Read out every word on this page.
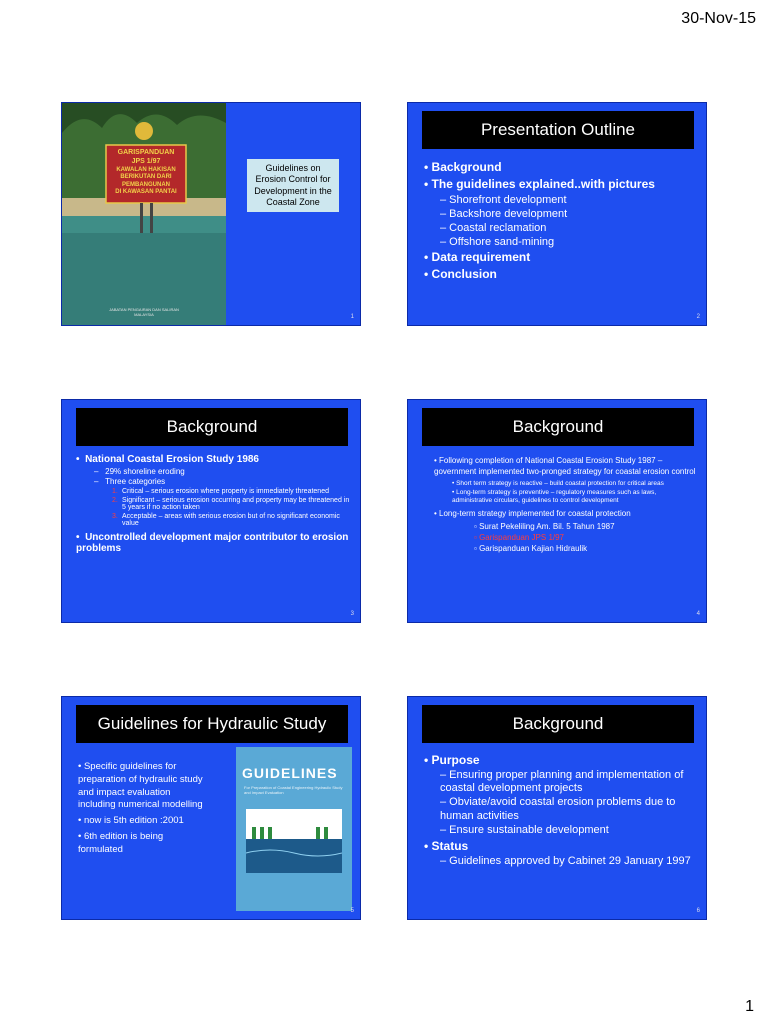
30-Nov-15
GARISPANDUAN
JPS 1/97
KAWALAN HAKISAN
BERIKUTAN DARI
PEMBANGUNAN
DI KAWASAN PANTAI
JABATAN PENGAIRAN DAN SALIRAN
MALAYSIA
Guidelines on Erosion Control for Development in the Coastal Zone
1
Presentation Outline
• Background
• The guidelines explained..with pictures
– Shorefront development
– Backshore development
– Coastal reclamation
– Offshore sand-mining
• Data requirement
• Conclusion
2
Background
•  National Coastal Erosion Study 1986
–   29% shoreline eroding
–   Three categories
1. Critical – serious erosion where property is immediately threatened
2. Significant – serious erosion occurring and property may be threatened in 5 years if no action taken
3. Acceptable – areas with serious erosion but of no significant economic value
•  Uncontrolled development major contributor to erosion problems
3
Background
• Following completion of National Coastal Erosion Study 1987 – government implemented two-pronged strategy for coastal erosion control
• Short term strategy is reactive – build coastal protection for critical areas
• Long-term strategy is preventive – regulatory measures such as laws, administrative circulars, guidelines to control development
• Long-term strategy implemented for coastal protection
▫ Surat Pekeliling Am. Bil. 5 Tahun 1987
▫ Garispanduan JPS 1/97
▫ Garispanduan Kajian Hidraulik
4
Guidelines for Hydraulic Study
• Specific guidelines for preparation of hydraulic study and impact evaluation including numerical modelling
• now is 5th edition :2001
• 6th edition is being formulated
GUIDELINES
For Preparation of Coastal Engineering Hydraulic Study and Impact Evaluation
5
Background
• Purpose
– Ensuring proper planning and implementation of coastal development projects
– Obviate/avoid coastal erosion problems due to human activities
– Ensure sustainable development
• Status
– Guidelines approved by Cabinet 29 January 1997
6
1
